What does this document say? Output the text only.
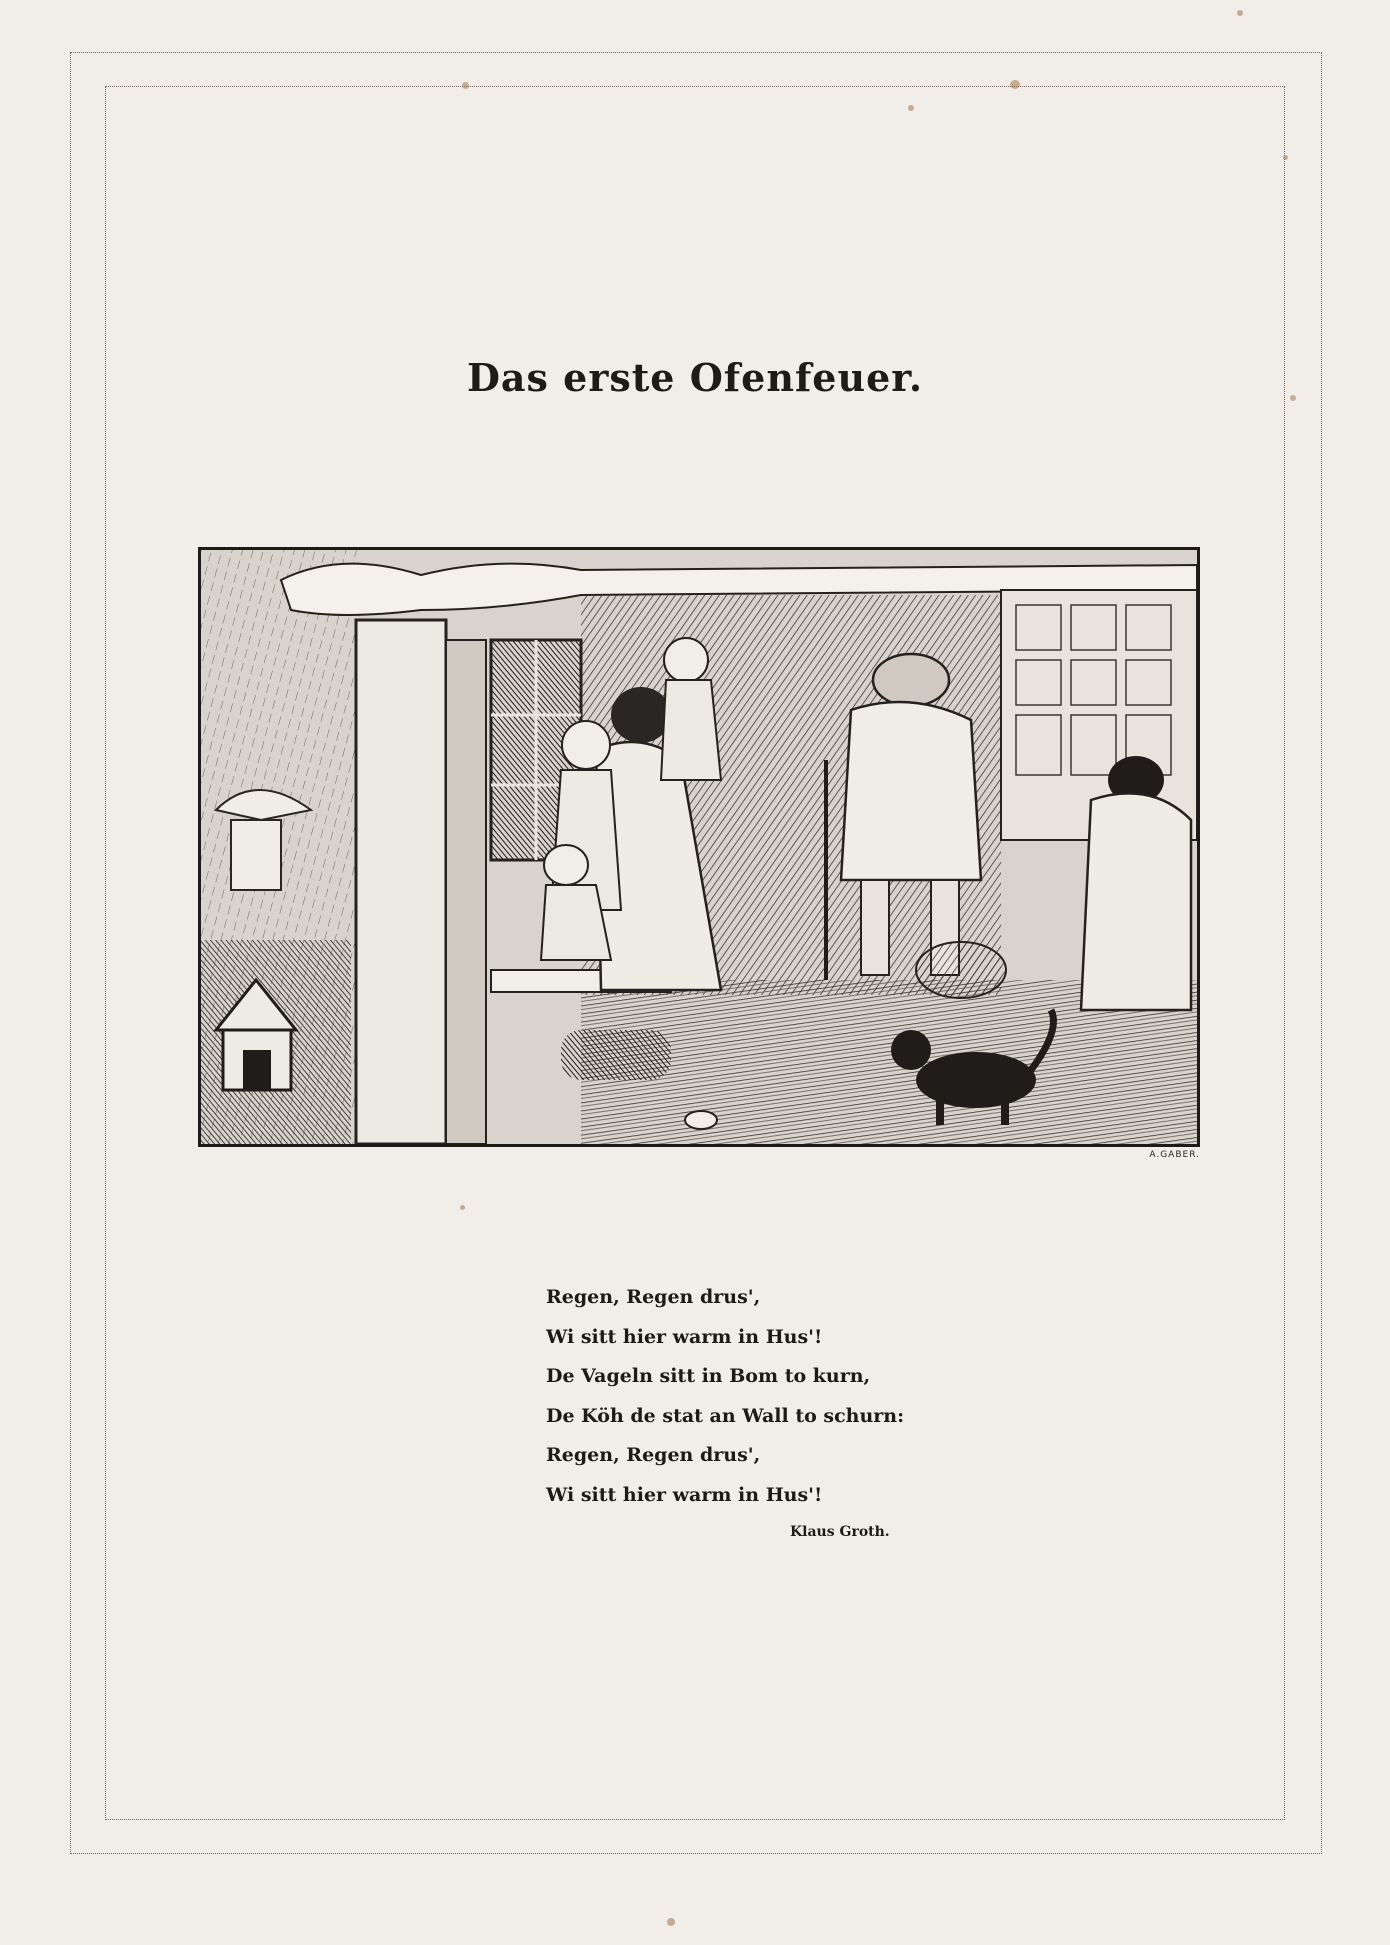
Das erste Ofenfeuer.
A.GABER.
Regen, Regen drus',
Wi sitt hier warm in Hus'!
De Vageln sitt in Bom to kurn,
De Köh de stat an Wall to schurn:
Regen, Regen drus',
Wi sitt hier warm in Hus'!
Klaus Groth.
